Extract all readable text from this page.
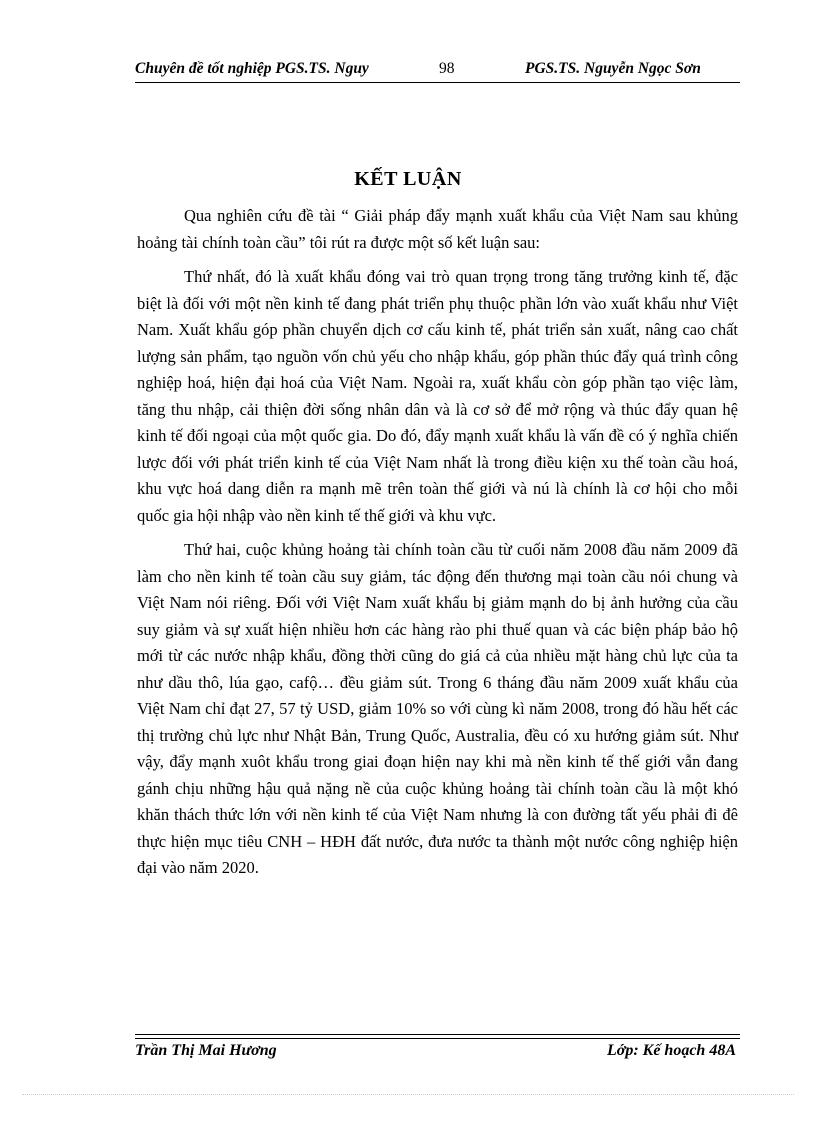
Chuyên đề tốt nghiệp PGS.TS. Nguy	98	PGS.TS. Nguyễn Ngọc Sơn
KẾT LUẬN

Qua nghiên cứu đề tài “ Giải pháp đẩy mạnh xuất khẩu của Việt Nam sau khủng hoảng tài chính toàn cầu” tôi rút ra được một số kết luận sau:

Thứ nhất, đó là xuất khẩu đóng vai trò quan trọng trong tăng trưởng kinh tế, đặc biệt là đối với một nền kinh tế đang phát triển phụ thuộc phần lớn vào xuất khẩu như Việt Nam. Xuất khẩu góp phần chuyển dịch cơ cấu kinh tế, phát triển sản xuất, nâng cao chất lượng sản phẩm, tạo nguồn vốn chủ yếu cho nhập khẩu, góp phần thúc đẩy quá trình công nghiệp hoá, hiện đại hoá của Việt Nam. Ngoài ra, xuất khẩu còn góp phần tạo việc làm, tăng thu nhập, cải thiện đời sống nhân dân và là cơ sở để mở rộng và thúc đẩy quan hệ kinh tế đối ngoại của một quốc gia. Do đó, đẩy mạnh xuất khẩu là vấn đề có ý nghĩa chiến lược đối với phát triển kinh tế của Việt Nam nhất là trong điều kiện xu thế toàn cầu hoá, khu vực hoá dang diễn ra mạnh mẽ trên toàn thế giới và nú là chính là cơ hội cho mỗi quốc gia hội nhập vào nền kinh tế thế giới và khu vực.

Thứ hai, cuộc khủng hoảng tài chính toàn cầu từ cuối năm 2008 đầu năm 2009 đã làm cho nền kinh tế toàn cầu suy giảm, tác động đến thương mại toàn cầu nói chung và Việt Nam nói riêng. Đối với Việt Nam xuất khẩu bị giảm mạnh do bị ảnh hưởng của cầu suy giảm và sự xuất hiện nhiều hơn các hàng rào phi thuế quan và các biện pháp bảo hộ mới từ các nước nhập khẩu, đồng thời cũng do giá cả của nhiều mặt hàng chủ lực của ta như dầu thô, lúa gạo, cafộ… đều giảm sút. Trong 6 tháng đầu năm 2009 xuất khẩu của Việt Nam chỉ đạt 27, 57 tỷ USD, giảm 10% so với cùng kì năm 2008, trong đó hầu hết các thị trường chủ lực như Nhật Bản, Trung Quốc, Australia, đều có xu hướng giảm sút. Như vậy, đẩy mạnh xuôt khẩu trong giai đoạn hiện nay khi mà nền kinh tế thế giới vẫn đang gánh chịu những hậu quả nặng nề của cuộc khủng hoảng tài chính toàn cầu là một khó khăn thách thức lớn với nền kinh tế của Việt Nam nhưng là con đường tất yếu phải đi đê thực hiện mục tiêu CNH – HĐH đất nước, đưa nước ta thành một nước công nghiệp hiện đại vào năm 2020.

Trần Thị Mai Hương	Lớp: Kế hoạch 48A
